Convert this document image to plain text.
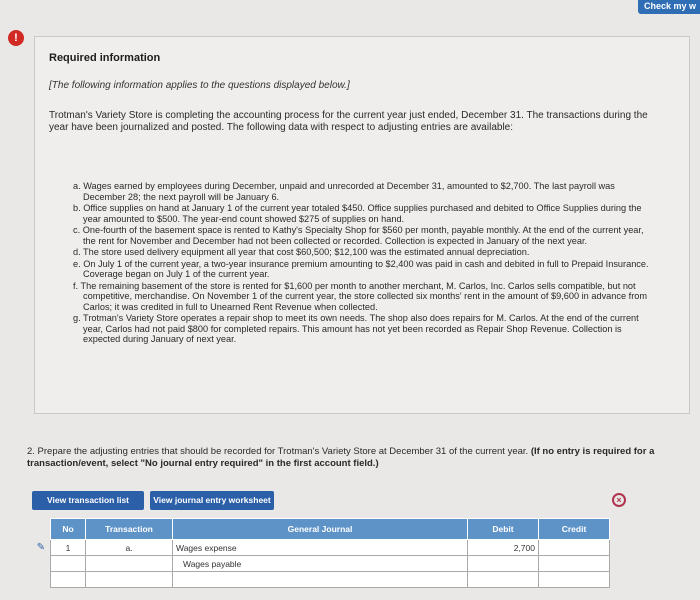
Check my w
!
Required information
[The following information applies to the questions displayed below.]
Trotman's Variety Store is completing the accounting process for the current year just ended, December 31. The transactions during the year have been journalized and posted. The following data with respect to adjusting entries are available:
a. Wages earned by employees during December, unpaid and unrecorded at December 31, amounted to $2,700. The last payroll was December 28; the next payroll will be January 6.
b. Office supplies on hand at January 1 of the current year totaled $450. Office supplies purchased and debited to Office Supplies during the year amounted to $500. The year-end count showed $275 of supplies on hand.
c. One-fourth of the basement space is rented to Kathy's Specialty Shop for $560 per month, payable monthly. At the end of the current year, the rent for November and December had not been collected or recorded. Collection is expected in January of the next year.
d. The store used delivery equipment all year that cost $60,500; $12,100 was the estimated annual depreciation.
e. On July 1 of the current year, a two-year insurance premium amounting to $2,400 was paid in cash and debited in full to Prepaid Insurance. Coverage began on July 1 of the current year.
f. The remaining basement of the store is rented for $1,600 per month to another merchant, M. Carlos, Inc. Carlos sells compatible, but not competitive, merchandise. On November 1 of the current year, the store collected six months' rent in the amount of $9,600 in advance from Carlos; it was credited in full to Unearned Rent Revenue when collected.
g. Trotman's Variety Store operates a repair shop to meet its own needs. The shop also does repairs for M. Carlos. At the end of the current year, Carlos had not paid $800 for completed repairs. This amount has not yet been recorded as Repair Shop Revenue. Collection is expected during January of next year.
2. Prepare the adjusting entries that should be recorded for Trotman's Variety Store at December 31 of the current year. (If no entry is required for a transaction/event, select "No journal entry required" in the first account field.)
View transaction list	View journal entry worksheet	×
	No	Transaction	General Journal	Debit	Credit
✎	1	a.	Wages expense	2,700	
			Wages payable		
